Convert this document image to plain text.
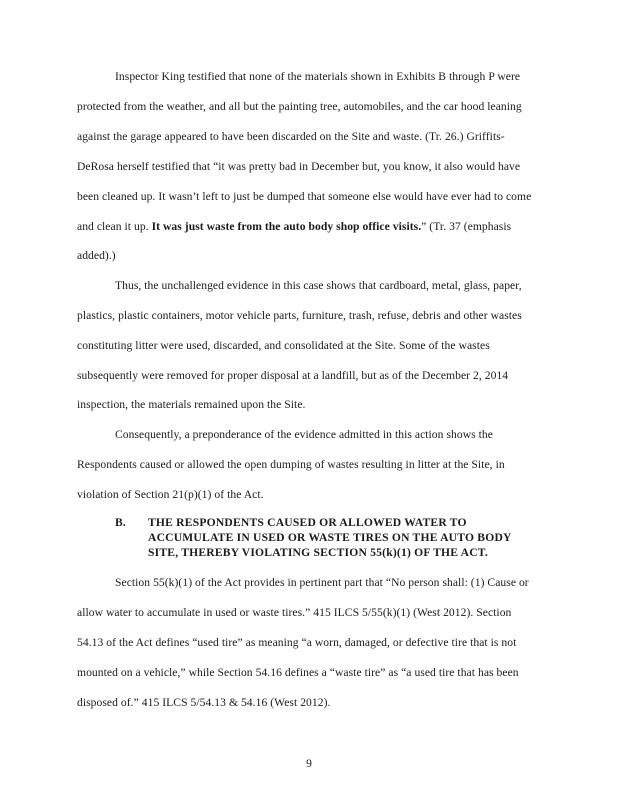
Inspector King testified that none of the materials shown in Exhibits B through P were
protected from the weather, and all but the painting tree, automobiles, and the car hood leaning
against the garage appeared to have been discarded on the Site and waste. (Tr. 26.) Griffits-
DeRosa herself testified that “it was pretty bad in December but, you know, it also would have
been cleaned up. It wasn’t left to just be dumped that someone else would have ever had to come
and clean it up. It was just waste from the auto body shop office visits.” (Tr. 37 (emphasis
added).)
Thus, the unchallenged evidence in this case shows that cardboard, metal, glass, paper,
plastics, plastic containers, motor vehicle parts, furniture, trash, refuse, debris and other wastes
constituting litter were used, discarded, and consolidated at the Site. Some of the wastes
subsequently were removed for proper disposal at a landfill, but as of the December 2, 2014
inspection, the materials remained upon the Site.
Consequently, a preponderance of the evidence admitted in this action shows the
Respondents caused or allowed the open dumping of wastes resulting in litter at the Site, in
violation of Section 21(p)(1) of the Act.
B. THE RESPONDENTS CAUSED OR ALLOWED WATER TO
ACCUMULATE IN USED OR WASTE TIRES ON THE AUTO BODY
SITE, THEREBY VIOLATING SECTION 55(k)(1) OF THE ACT.
Section 55(k)(1) of the Act provides in pertinent part that “No person shall: (1) Cause or
allow water to accumulate in used or waste tires.” 415 ILCS 5/55(k)(1) (West 2012). Section
54.13 of the Act defines “used tire” as meaning “a worn, damaged, or defective tire that is not
mounted on a vehicle,” while Section 54.16 defines a “waste tire” as “a used tire that has been
disposed of.” 415 ILCS 5/54.13 & 54.16 (West 2012).
9
